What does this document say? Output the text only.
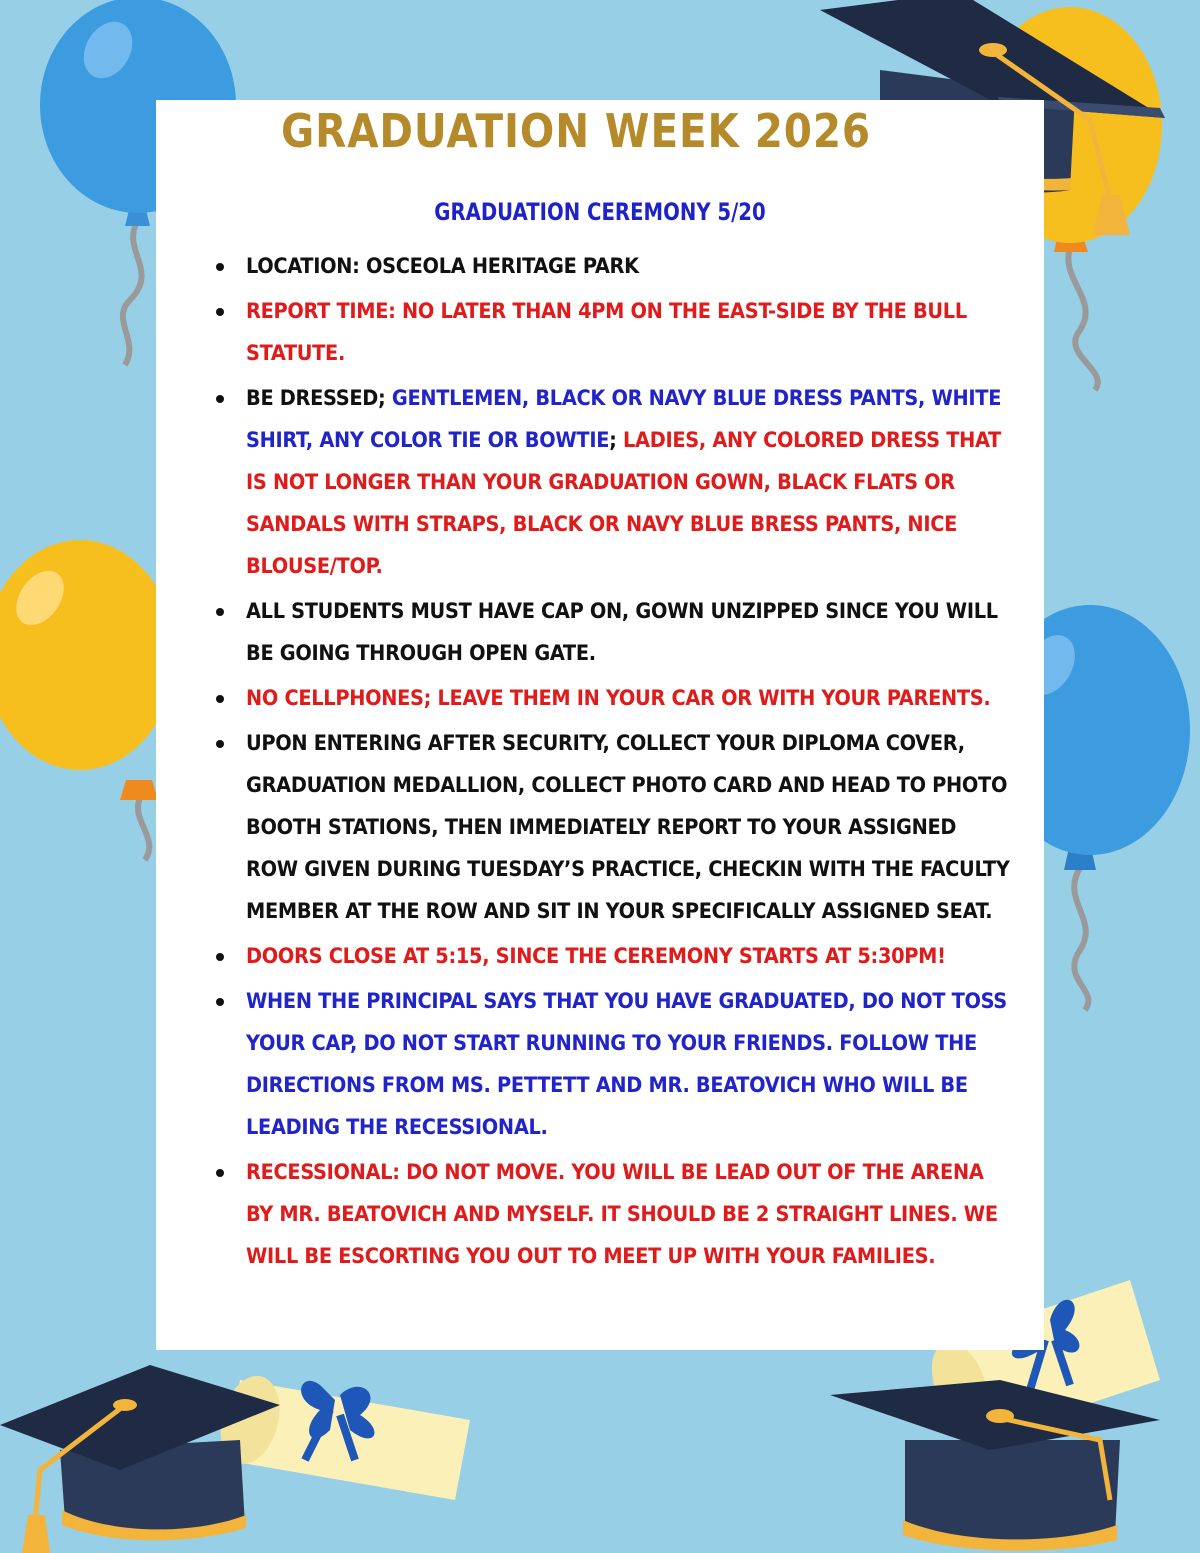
GRADUATION WEEK 2026
GRADUATION CEREMONY 5/20
LOCATION: OSCEOLA HERITAGE PARK
REPORT TIME: NO LATER THAN 4PM ON THE EAST-SIDE BY THE BULL STATUTE.
BE DRESSED; GENTLEMEN, BLACK OR NAVY BLUE DRESS PANTS, WHITE SHIRT, ANY COLOR TIE OR BOWTIE; LADIES, ANY COLORED DRESS THAT IS NOT LONGER THAN YOUR GRADUATION GOWN, BLACK FLATS OR SANDALS WITH STRAPS, BLACK OR NAVY BLUE BRESS PANTS, NICE BLOUSE/TOP.
ALL STUDENTS MUST HAVE CAP ON, GOWN UNZIPPED SINCE YOU WILL BE GOING THROUGH OPEN GATE.
NO CELLPHONES; LEAVE THEM IN YOUR CAR OR WITH YOUR PARENTS.
UPON ENTERING AFTER SECURITY, COLLECT YOUR DIPLOMA COVER, GRADUATION MEDALLION, COLLECT PHOTO CARD AND HEAD TO PHOTO BOOTH STATIONS, THEN IMMEDIATELY REPORT TO YOUR ASSIGNED ROW GIVEN DURING TUESDAY’S PRACTICE, CHECKIN WITH THE FACULTY MEMBER AT THE ROW AND SIT IN YOUR SPECIFICALLY ASSIGNED SEAT.
DOORS CLOSE AT 5:15, SINCE THE CEREMONY STARTS AT 5:30PM!
WHEN THE PRINCIPAL SAYS THAT YOU HAVE GRADUATED, DO NOT TOSS YOUR CAP, DO NOT START RUNNING TO YOUR FRIENDS. FOLLOW THE DIRECTIONS FROM MS. PETTETT AND MR. BEATOVICH WHO WILL BE LEADING THE RECESSIONAL.
RECESSIONAL: DO NOT MOVE. YOU WILL BE LEAD OUT OF THE ARENA BY MR. BEATOVICH AND MYSELF. IT SHOULD BE 2 STRAIGHT LINES. WE WILL BE ESCORTING YOU OUT TO MEET UP WITH YOUR FAMILIES.
